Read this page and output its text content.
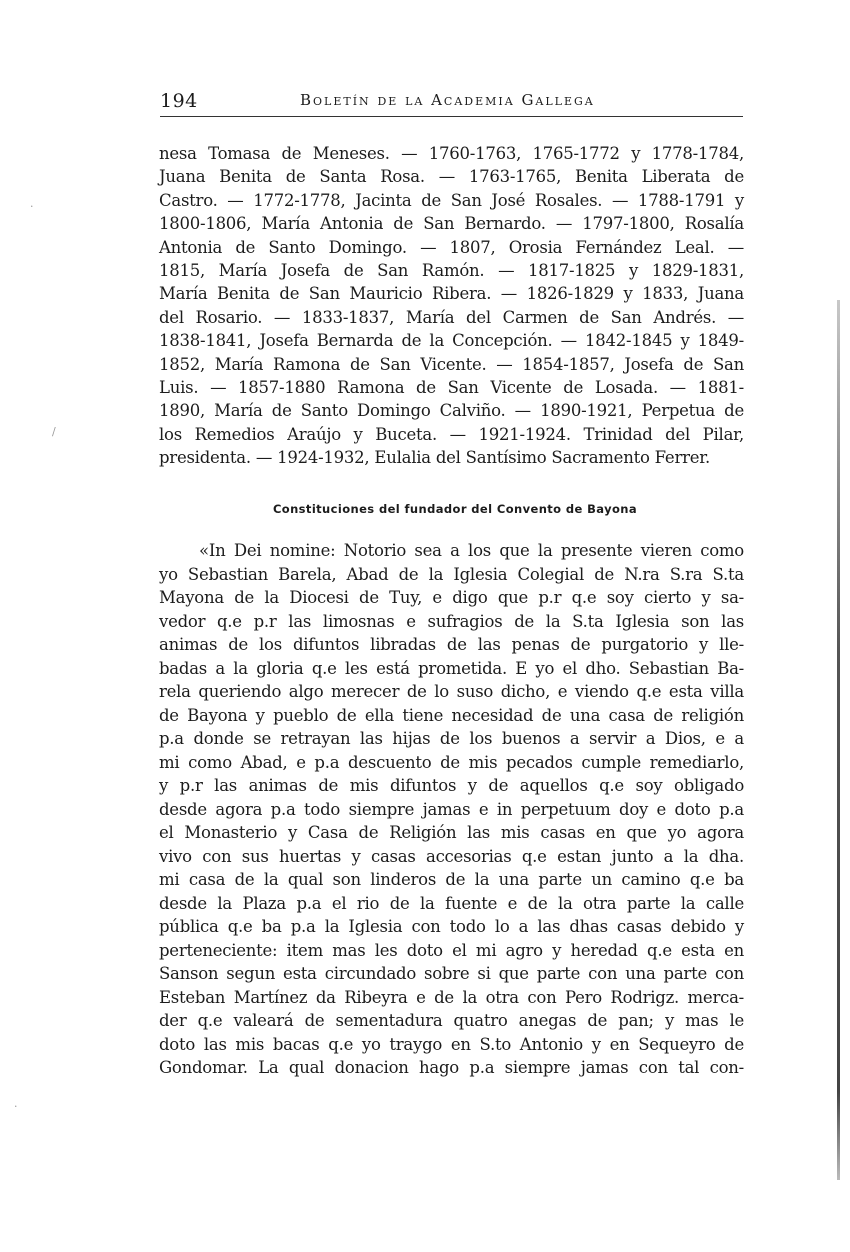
194	Boletín de la Academia Gallega
nesa Tomasa de Meneses. — 1760-1763, 1765-1772 y 1778-1784,
Juana Benita de Santa Rosa. — 1763-1765, Benita Liberata de
Castro. — 1772-1778, Jacinta de San José Rosales. — 1788-1791 y
1800-1806, María Antonia de San Bernardo. — 1797-1800, Rosalía
Antonia de Santo Domingo. — 1807, Orosia Fernández Leal. —
1815, María Josefa de San Ramón. — 1817-1825 y 1829-1831,
María Benita de San Mauricio Ribera. — 1826-1829 y 1833, Juana
del Rosario. — 1833-1837, María del Carmen de San Andrés. —
1838-1841, Josefa Bernarda de la Concepción. — 1842-1845 y 1849-
1852, María Ramona de San Vicente. — 1854-1857, Josefa de San
Luis. — 1857-1880 Ramona de San Vicente de Losada. — 1881-
1890, María de Santo Domingo Calviño. — 1890-1921, Perpetua de
los Remedios Araújo y Buceta. — 1921-1924. Trinidad del Pilar,
presidenta. — 1924-1932, Eulalia del Santísimo Sacramento Ferrer.
Constituciones del fundador del Convento de Bayona
«In Dei nomine: Notorio sea a los que la presente vieren como
yo Sebastian Barela, Abad de la Iglesia Colegial de N.ra S.ra S.ta
Mayona de la Diocesi de Tuy, e digo que p.r q.e soy cierto y sa-
vedor q.e p.r las limosnas e sufragios de la S.ta Iglesia son las
animas de los difuntos libradas de las penas de purgatorio y lle-
badas a la gloria q.e les está prometida. E yo el dho. Sebastian Ba-
rela queriendo algo merecer de lo suso dicho, e viendo q.e esta villa
de Bayona y pueblo de ella tiene necesidad de una casa de religión
p.a donde se retrayan las hijas de los buenos a servir a Dios, e a
mi como Abad, e p.a descuento de mis pecados cumple remediarlo,
y p.r las animas de mis difuntos y de aquellos q.e soy obligado
desde agora p.a todo siempre jamas e in perpetuum doy e doto p.a
el Monasterio y Casa de Religión las mis casas en que yo agora
vivo con sus huertas y casas accesorias q.e estan junto a la dha.
mi casa de la qual son linderos de la una parte un camino q.e ba
desde la Plaza p.a el rio de la fuente e de la otra parte la calle
pública q.e ba p.a la Iglesia con todo lo a las dhas casas debido y
perteneciente: item mas les doto el mi agro y heredad q.e esta en
Sanson segun esta circundado sobre si que parte con una parte con
Esteban Martínez da Ribeyra e de la otra con Pero Rodrigz. merca-
der q.e valeará de sementadura quatro anegas de pan; y mas le
doto las mis bacas q.e yo traygo en S.to Antonio y en Sequeyro de
Gondomar. La qual donacion hago p.a siempre jamas con tal con-
·
/
·
